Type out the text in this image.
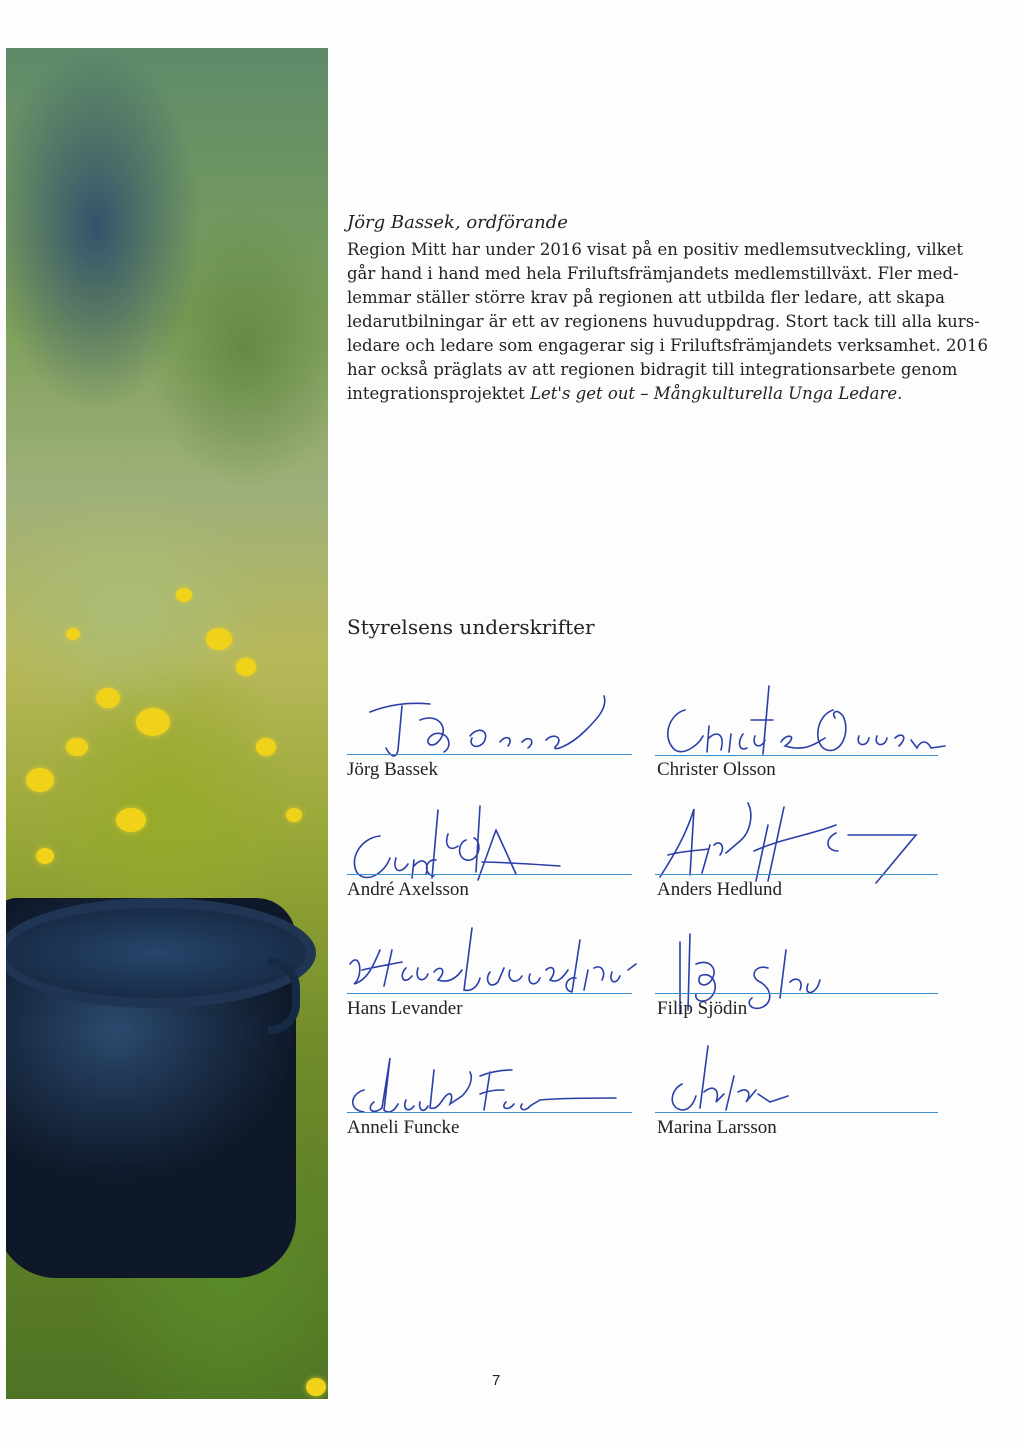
Jörg Bassek, ordförande
Region Mitt har under 2016 visat på en positiv medlemsutveckling, vilket
går hand i hand med hela Friluftsfrämjandets medlemstillväxt. Fler med-
lemmar ställer större krav på regionen att utbilda fler ledare, att skapa
ledarutbilningar är ett av regionens huvuduppdrag. Stort tack till alla kurs-
ledare och ledare som engagerar sig i Friluftsfrämjandets verksamhet. 2016
har också präglats av att regionen bidragit till integrationsarbete genom
integrationsprojektet Let's get out – Mångkulturella Unga Ledare.
Styrelsens underskrifter
Jörg Bassek	Christer Olsson
André Axelsson	Anders Hedlund
Hans Levander	Filip Sjödin
Anneli Funcke	Marina Larsson
7
